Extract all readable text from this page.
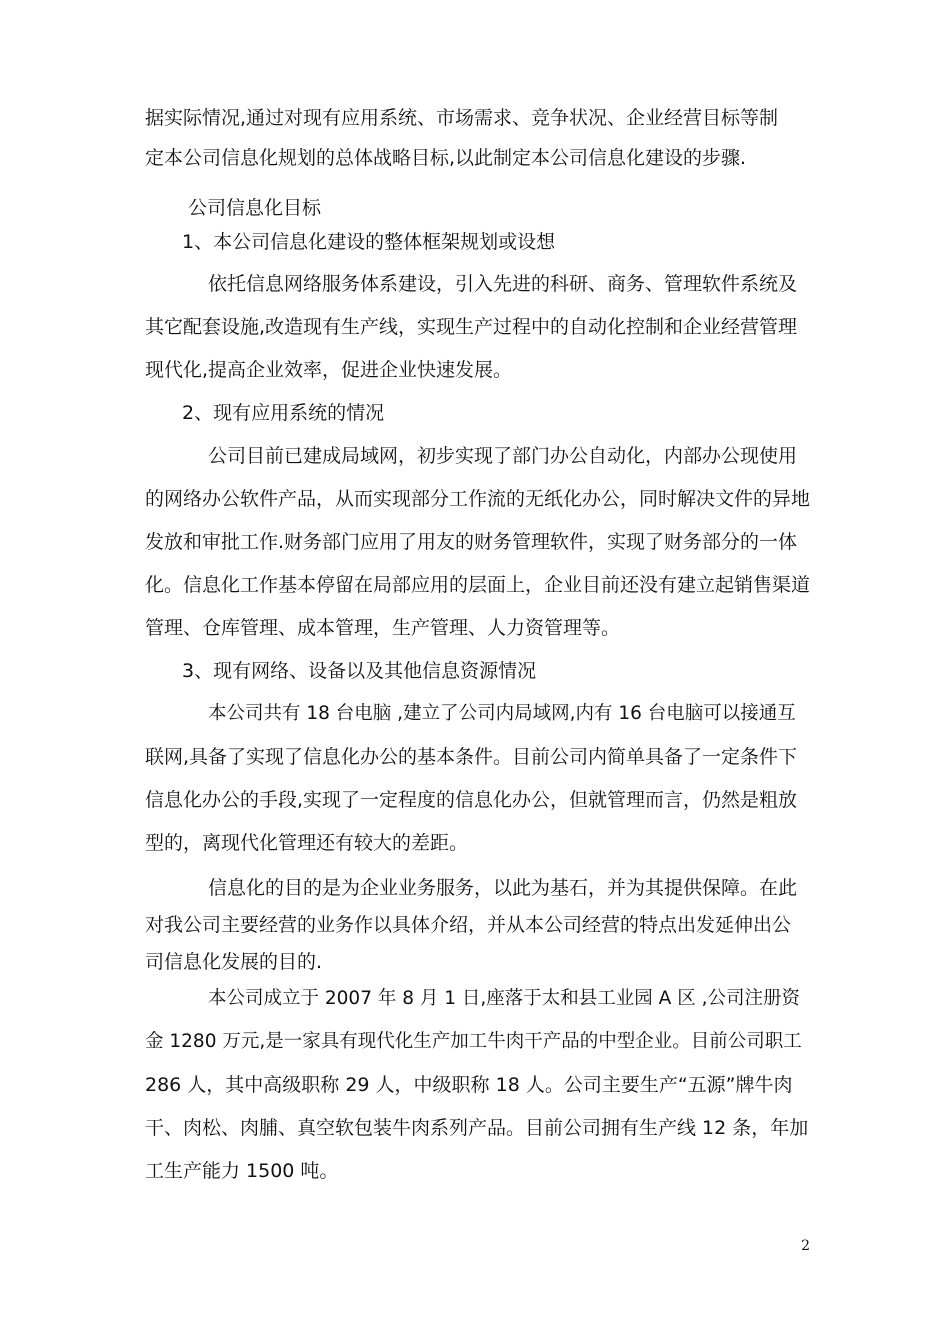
据实际情况,通过对现有应用系统、市场需求、竞争状况、企业经营目标等制
定本公司信息化规划的总体战略目标,以此制定本公司信息化建设的步骤.
公司信息化目标
1、本公司信息化建设的整体框架规划或设想
依托信息网络服务体系建设，引入先进的科研、商务、管理软件系统及
其它配套设施,改造现有生产线，实现生产过程中的自动化控制和企业经营管理
现代化,提高企业效率，促进企业快速发展。
2、现有应用系统的情况
公司目前已建成局域网，初步实现了部门办公自动化，内部办公现使用
的网络办公软件产品，从而实现部分工作流的无纸化办公，同时解决文件的异地
发放和审批工作.财务部门应用了用友的财务管理软件，实现了财务部分的一体
化。信息化工作基本停留在局部应用的层面上，企业目前还没有建立起销售渠道
管理、仓库管理、成本管理，生产管理、人力资管理等。
3、现有网络、设备以及其他信息资源情况
本公司共有 18 台电脑 ,建立了公司内局域网,内有 16 台电脑可以接通互
联网,具备了实现了信息化办公的基本条件。目前公司内简单具备了一定条件下
信息化办公的手段,实现了一定程度的信息化办公，但就管理而言，仍然是粗放
型的，离现代化管理还有较大的差距。
信息化的目的是为企业业务服务，以此为基石，并为其提供保障。在此
对我公司主要经营的业务作以具体介绍，并从本公司经营的特点出发延伸出公
司信息化发展的目的.
本公司成立于 2007 年 8 月 1 日,座落于太和县工业园 A 区 ,公司注册资
金 1280 万元,是一家具有现代化生产加工牛肉干产品的中型企业。目前公司职工
286 人，其中高级职称 29 人，中级职称 18 人。公司主要生产“五源”牌牛肉
干、肉松、肉脯、真空软包装牛肉系列产品。目前公司拥有生产线 12 条，年加
工生产能力 1500 吨。
2
